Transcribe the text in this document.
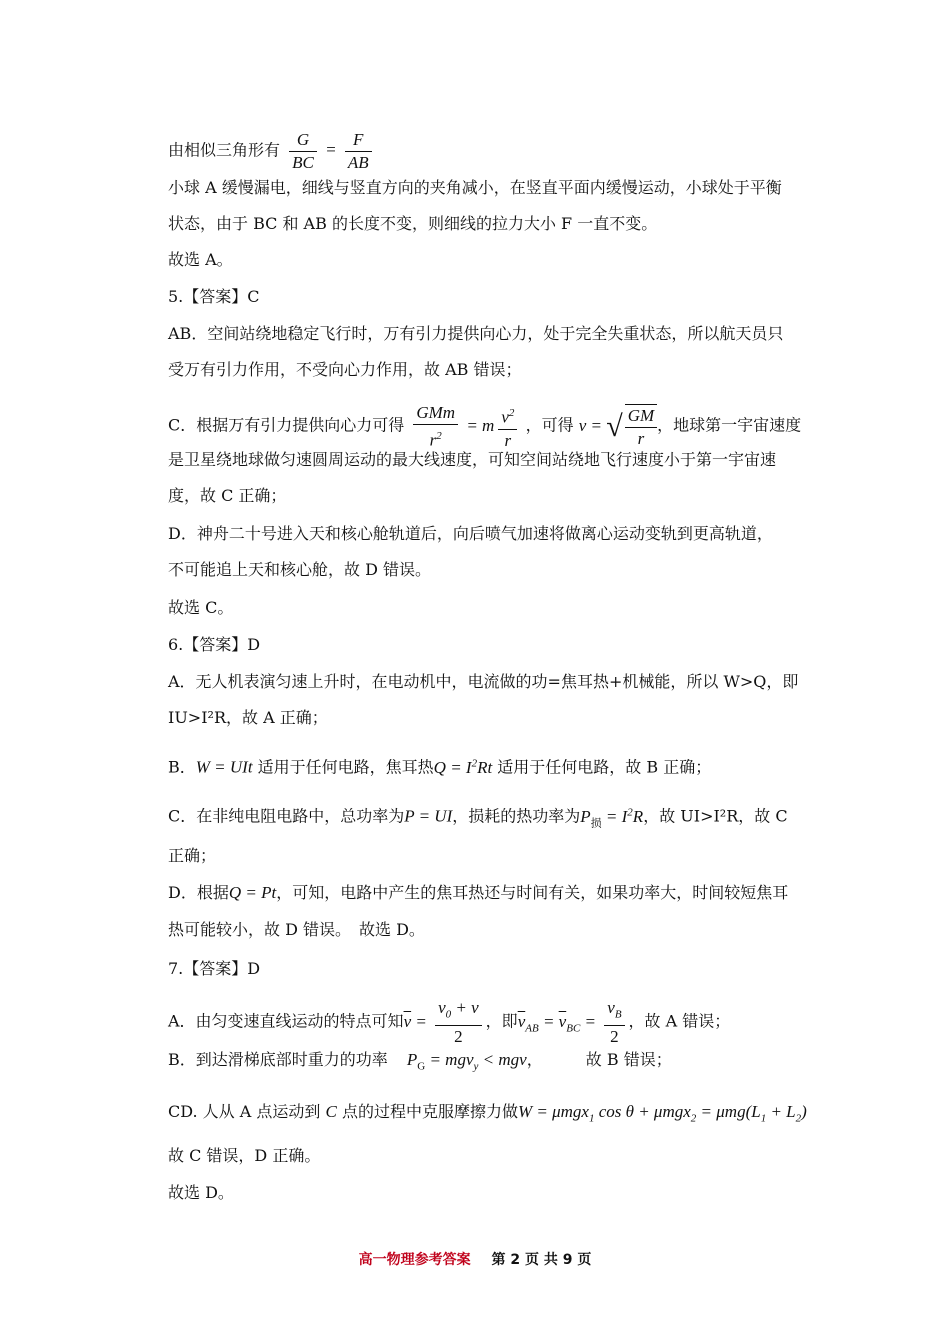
由相似三角形有 $\frac{G}{BC} = \frac{F}{AB}$
小球 A 缓慢漏电，细线与竖直方向的夹角减小，在竖直平面内缓慢运动，小球处于平衡
状态，由于 BC 和 AB 的长度不变，则细线的拉力大小 F 一直不变。
故选 A。
5.【答案】C
AB．空间站绕地稳定飞行时，万有引力提供向心力，处于完全失重状态，所以航天员只
受万有引力作用，不受向心力作用，故 AB 错误；
C．根据万有引力提供向心力可得 $\frac{\text{GMm}}{r^2} = m \frac{v^2}{r}$ ，可得 v = √ $\frac{GM}{r}$ ，地球第一宇宙速度
是卫星绕地球做匀速圆周运动的最大线速度，可知空间站绕地飞行速度小于第一宇宙速
度，故 C 正确；
D．神舟二十号进入天和核心舱轨道后，向后喷气加速将做离心运动变轨到更高轨道，
不可能追上天和核心舱，故 D 错误。
故选 C。
6.【答案】D
A．无人机表演匀速上升时，在电动机中，电流做的功=焦耳热+机械能，所以 W>Q，即
IU>I²R，故 A 正确；
B．W = UIt 适用于任何电路，焦耳热$Q = I^2Rt$ 适用于任何电路，故 B 正确；
C．在非纯电阻电路中，总功率为P = UI，损耗的热功率为$P_损 = I^2R$，故 UI>I²R，故 C
正确；
D．根据Q = Pt，可知，电路中产生的焦耳热还与时间有关，如果功率大，时间较短焦耳
热可能较小，故 D 错误。　故选 D。
7.【答案】D
A．由匀变速直线运动的特点可知$\overline{v} = \frac{v_0 + v}{2}$ ，即$\overline{v}_{AB} = \overline{v}_{BC} = \frac{v_B}{2}$ ，故 A 错误；
B．到达滑梯底部时重力的功率 $P_G = mgv_y$ < mgv， 故 B 错误；
CD. 人从 A 点运动到 C 点的过程中克服摩擦力做W = μmgx$_1$ $\cos \theta + \mu mgx_2 = \mu mg(L_1 + L_2)$
故 C 错误，D 正确。
故选 D。
高一物理参考答案 第 2 页 共 9 页
